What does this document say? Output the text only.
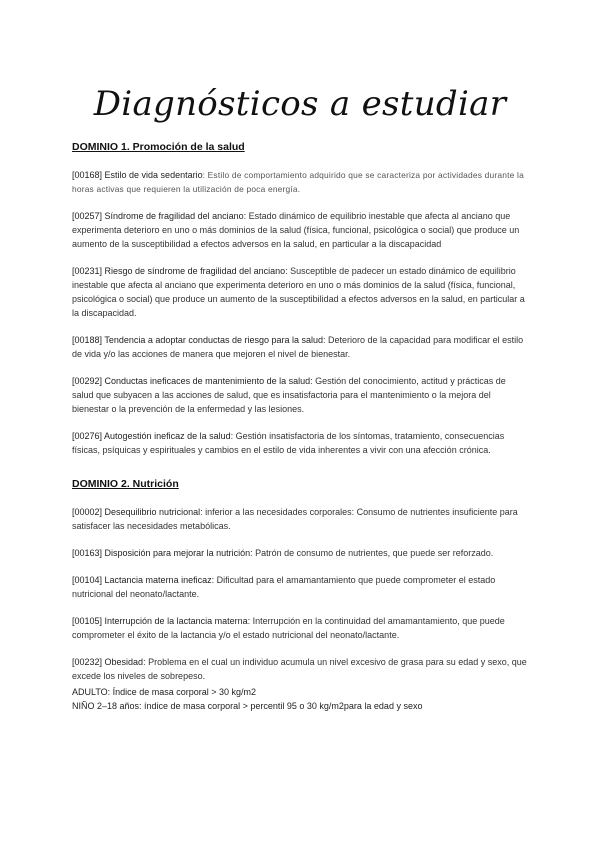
Diagnósticos a estudiar

DOMINIO 1. Promoción de la salud

[00168] Estilo de vida sedentario: Estilo de comportamiento adquirido que se caracteriza por actividades durante la horas activas que requieren la utilización de poca energía.

[00257] Síndrome de fragilidad del anciano: Estado dinámico de equilibrio inestable que afecta al anciano que experimenta deterioro en uno o más dominios de la salud (física, funcional, psicológica o social) que produce un aumento de la susceptibilidad a efectos adversos en la salud, en particular a la discapacidad

[00231] Riesgo de síndrome de fragilidad del anciano: Susceptible de padecer un estado dinámico de equilibrio inestable que afecta al anciano que experimenta deterioro en uno o más dominios de la salud (física, funcional, psicológica o social) que produce un aumento de la susceptibilidad a efectos adversos en la salud, en particular a la discapacidad.

[00188] Tendencia a adoptar conductas de riesgo para la salud: Deterioro de la capacidad para modificar el estilo de vida y/o las acciones de manera que mejoren el nivel de bienestar.

[00292] Conductas ineficaces de mantenimiento de la salud: Gestión del conocimiento, actitud y prácticas de salud que subyacen a las acciones de salud, que es insatisfactoria para el mantenimiento o la mejora del bienestar o la prevención de la enfermedad y las lesiones.

[00276] Autogestión ineficaz de la salud: Gestión insatisfactoria de los síntomas, tratamiento, consecuencias físicas, psíquicas y espirituales y cambios en el estilo de vida inherentes a vivir con una afección crónica.

DOMINIO 2. Nutrición

[00002] Desequilibrio nutricional: inferior a las necesidades corporales: Consumo de nutrientes insuficiente para satisfacer las necesidades metabólicas.

[00163] Disposición para mejorar la nutrición: Patrón de consumo de nutrientes, que puede ser reforzado.

[00104] Lactancia materna ineficaz: Dificultad para el amamantamiento que puede comprometer el estado nutricional del neonato/lactante.

[00105] Interrupción de la lactancia materna: Interrupción en la continuidad del amamantamiento, que puede comprometer el éxito de la lactancia y/o el estado nutricional del neonato/lactante.

[00232] Obesidad: Problema en el cual un individuo acumula un nivel excesivo de grasa para su edad y sexo, que excede los niveles de sobrepeso.

ADULTO: Índice de masa corporal > 30 kg/m2

NIÑO 2–18 años: índice de masa corporal > percentil 95 o 30 kg/m2para la edad y sexo
